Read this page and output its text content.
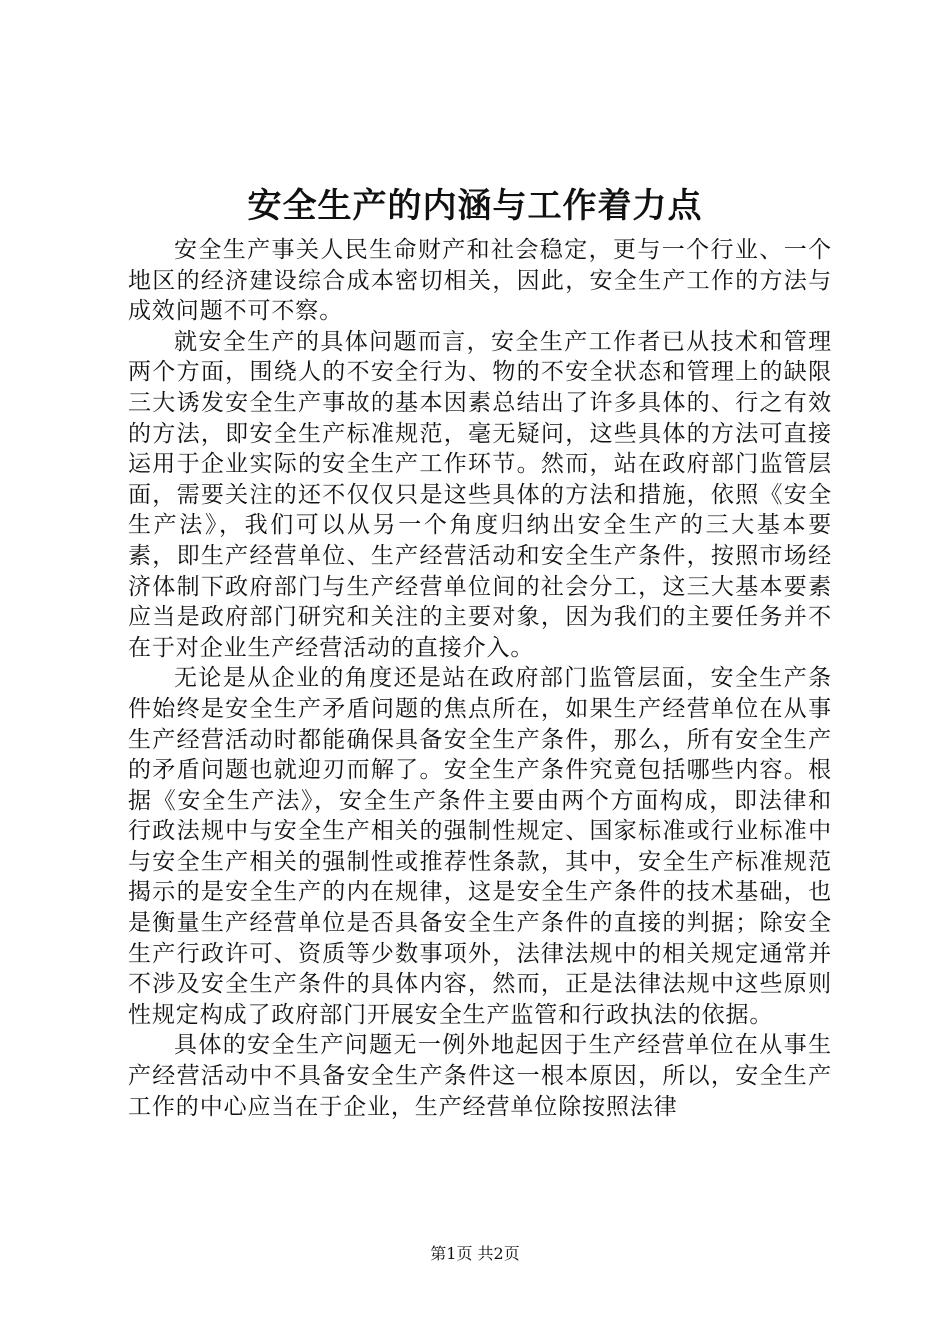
安全生产的内涵与工作着力点

安全生产事关人民生命财产和社会稳定，更与一个行业、一个地区的经济建设综合成本密切相关，因此，安全生产工作的方法与成效问题不可不察。

就安全生产的具体问题而言，安全生产工作者已从技术和管理两个方面，围绕人的不安全行为、物的不安全状态和管理上的缺限三大诱发安全生产事故的基本因素总结出了许多具体的、行之有效的方法，即安全生产标准规范，毫无疑问，这些具体的方法可直接运用于企业实际的安全生产工作环节。然而，站在政府部门监管层面，需要关注的还不仅仅只是这些具体的方法和措施，依照《安全生产法》，我们可以从另一个角度归纳出安全生产的三大基本要素，即生产经营单位、生产经营活动和安全生产条件，按照市场经济体制下政府部门与生产经营单位间的社会分工，这三大基本要素应当是政府部门研究和关注的主要对象，因为我们的主要任务并不在于对企业生产经营活动的直接介入。

无论是从企业的角度还是站在政府部门监管层面，安全生产条件始终是安全生产矛盾问题的焦点所在，如果生产经营单位在从事生产经营活动时都能确保具备安全生产条件，那么，所有安全生产的矛盾问题也就迎刃而解了。安全生产条件究竟包括哪些内容。根据《安全生产法》，安全生产条件主要由两个方面构成，即法律和行政法规中与安全生产相关的强制性规定、国家标准或行业标准中与安全生产相关的强制性或推荐性条款，其中，安全生产标准规范揭示的是安全生产的内在规律，这是安全生产条件的技术基础，也是衡量生产经营单位是否具备安全生产条件的直接的判据；除安全生产行政许可、资质等少数事项外，法律法规中的相关规定通常并不涉及安全生产条件的具体内容，然而，正是法律法规中这些原则性规定构成了政府部门开展安全生产监管和行政执法的依据。

具体的安全生产问题无一例外地起因于生产经营单位在从事生产经营活动中不具备安全生产条件这一根本原因，所以，安全生产工作的中心应当在于企业，生产经营单位除按照法律

第1页 共2页
